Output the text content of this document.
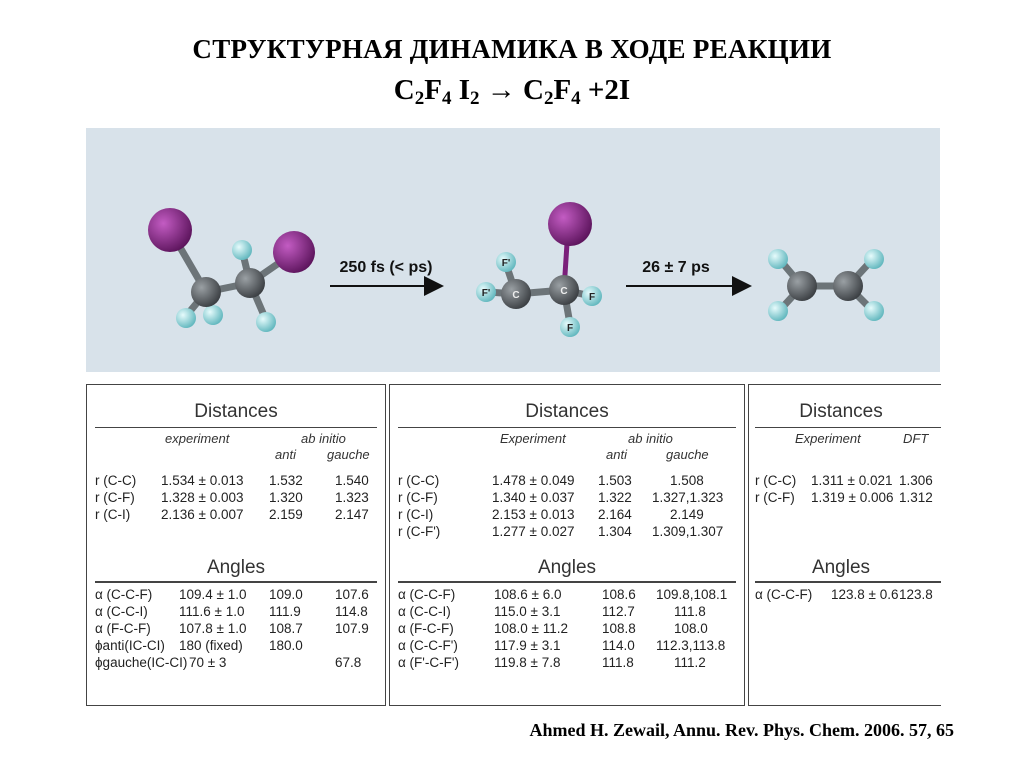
СТРУКТУРНАЯ ДИНАМИКА В ХОДЕ РЕАКЦИИ
$C_2F_4$ $I_2 \to C_2F_4 +2I$
250 fs (< ps)	F'
F' C	C
F
F
26 ± 7 ps
Distances
experiment	ab initio
anti gauche
r (C-C) 1.534 ± 0.013 1.532 1.540
r (C-F) 1.328 ± 0.003 1.320 1.323
r (C-I) 2.136 ± 0.007 2.159 2.147
Angles
α (C-C-F) 109.4 ± 1.0 109.0 107.6
α (C-C-I) 111.6 ± 1.0 111.9	114.8
α (F-C-F) 107.8 ± 1.0 108.7 107.9
ϕanti(IC-CI) 180 (fixed) 180.0
ϕgauche(IC-CI) 70 ± 3	67.8
Distances
Experiment	ab initio
anti	gauche
r (C-C)	1.478 ± 0.049 1.503	1.508
r (C-F)	1.340 ± 0.037 1.322 1.327,1.323
r (C-I)	2.153 ± 0.013 2.164	2.149
r (C-F')	1.277 ± 0.027 1.304 1.309,1.307
Angles
α (C-C-F)	108.6 ± 6.0	108.6 109.8,108.1
α (C-C-I)	115.0 ± 3.1	112.7	111.8
α (F-C-F)	108.0 ± 11.2	108.8	108.0
α (C-C-F')	117.9 ± 3.1	114.0 112.3,113.8
α (F'-C-F')	119.8 ± 7.8	111.8	111.2
Distances
Experiment	DFT
r (C-C) 1.311 ± 0.021 1.306
r (C-F) 1.319 ± 0.006 1.312
Angles
α (C-C-F) 123.8 ± 0.6 123.8
Ahmed H. Zewail, Annu. Rev. Phys. Chem. 2006. 57, 65
